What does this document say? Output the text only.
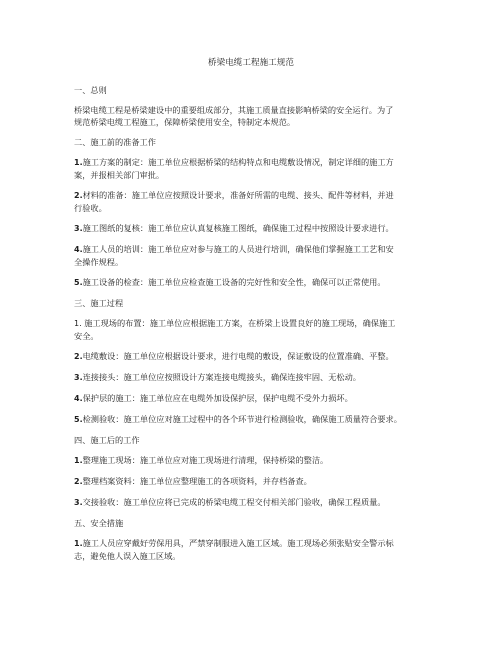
桥梁电缆工程施工规范
一、总则
桥梁电缆工程是桥梁建设中的重要组成部分，其施工质量直接影响桥梁的安全运行。为了
规范桥梁电缆工程施工，保障桥梁使用安全，特制定本规范。
二、施工前的准备工作
1.施工方案的制定：施工单位应根据桥梁的结构特点和电缆敷设情况，制定详细的施工方
案，并报相关部门审批。
2.材料的准备：施工单位应按照设计要求，准备好所需的电缆、接头、配件等材料，并进
行验收。
3.施工图纸的复核：施工单位应认真复核施工图纸，确保施工过程中按照设计要求进行。
4.施工人员的培训：施工单位应对参与施工的人员进行培训，确保他们掌握施工工艺和安
全操作规程。
5.施工设备的检查：施工单位应检查施工设备的完好性和安全性，确保可以正常使用。
三、施工过程
1. 施工现场的布置：施工单位应根据施工方案，在桥梁上设置良好的施工现场，确保施工
安全。
2.电缆敷设：施工单位应根据设计要求，进行电缆的敷设，保证敷设的位置准确、平整。
3.连接接头：施工单位应按照设计方案连接电缆接头，确保连接牢固、无松动。
4.保护层的施工：施工单位应在电缆外加设保护层，保护电缆不受外力损坏。
5.检测验收：施工单位应对施工过程中的各个环节进行检测验收，确保施工质量符合要求。
四、施工后的工作
1.整理施工现场：施工单位应对施工现场进行清理，保持桥梁的整洁。
2.整理档案资料：施工单位应整理施工的各项资料，并存档备查。
3.交接验收：施工单位应将已完成的桥梁电缆工程交付相关部门验收，确保工程质量。
五、安全措施
1.施工人员应穿戴好劳保用具，严禁穿制服进入施工区域。施工现场必须张贴安全警示标
志，避免他人误入施工区域。
